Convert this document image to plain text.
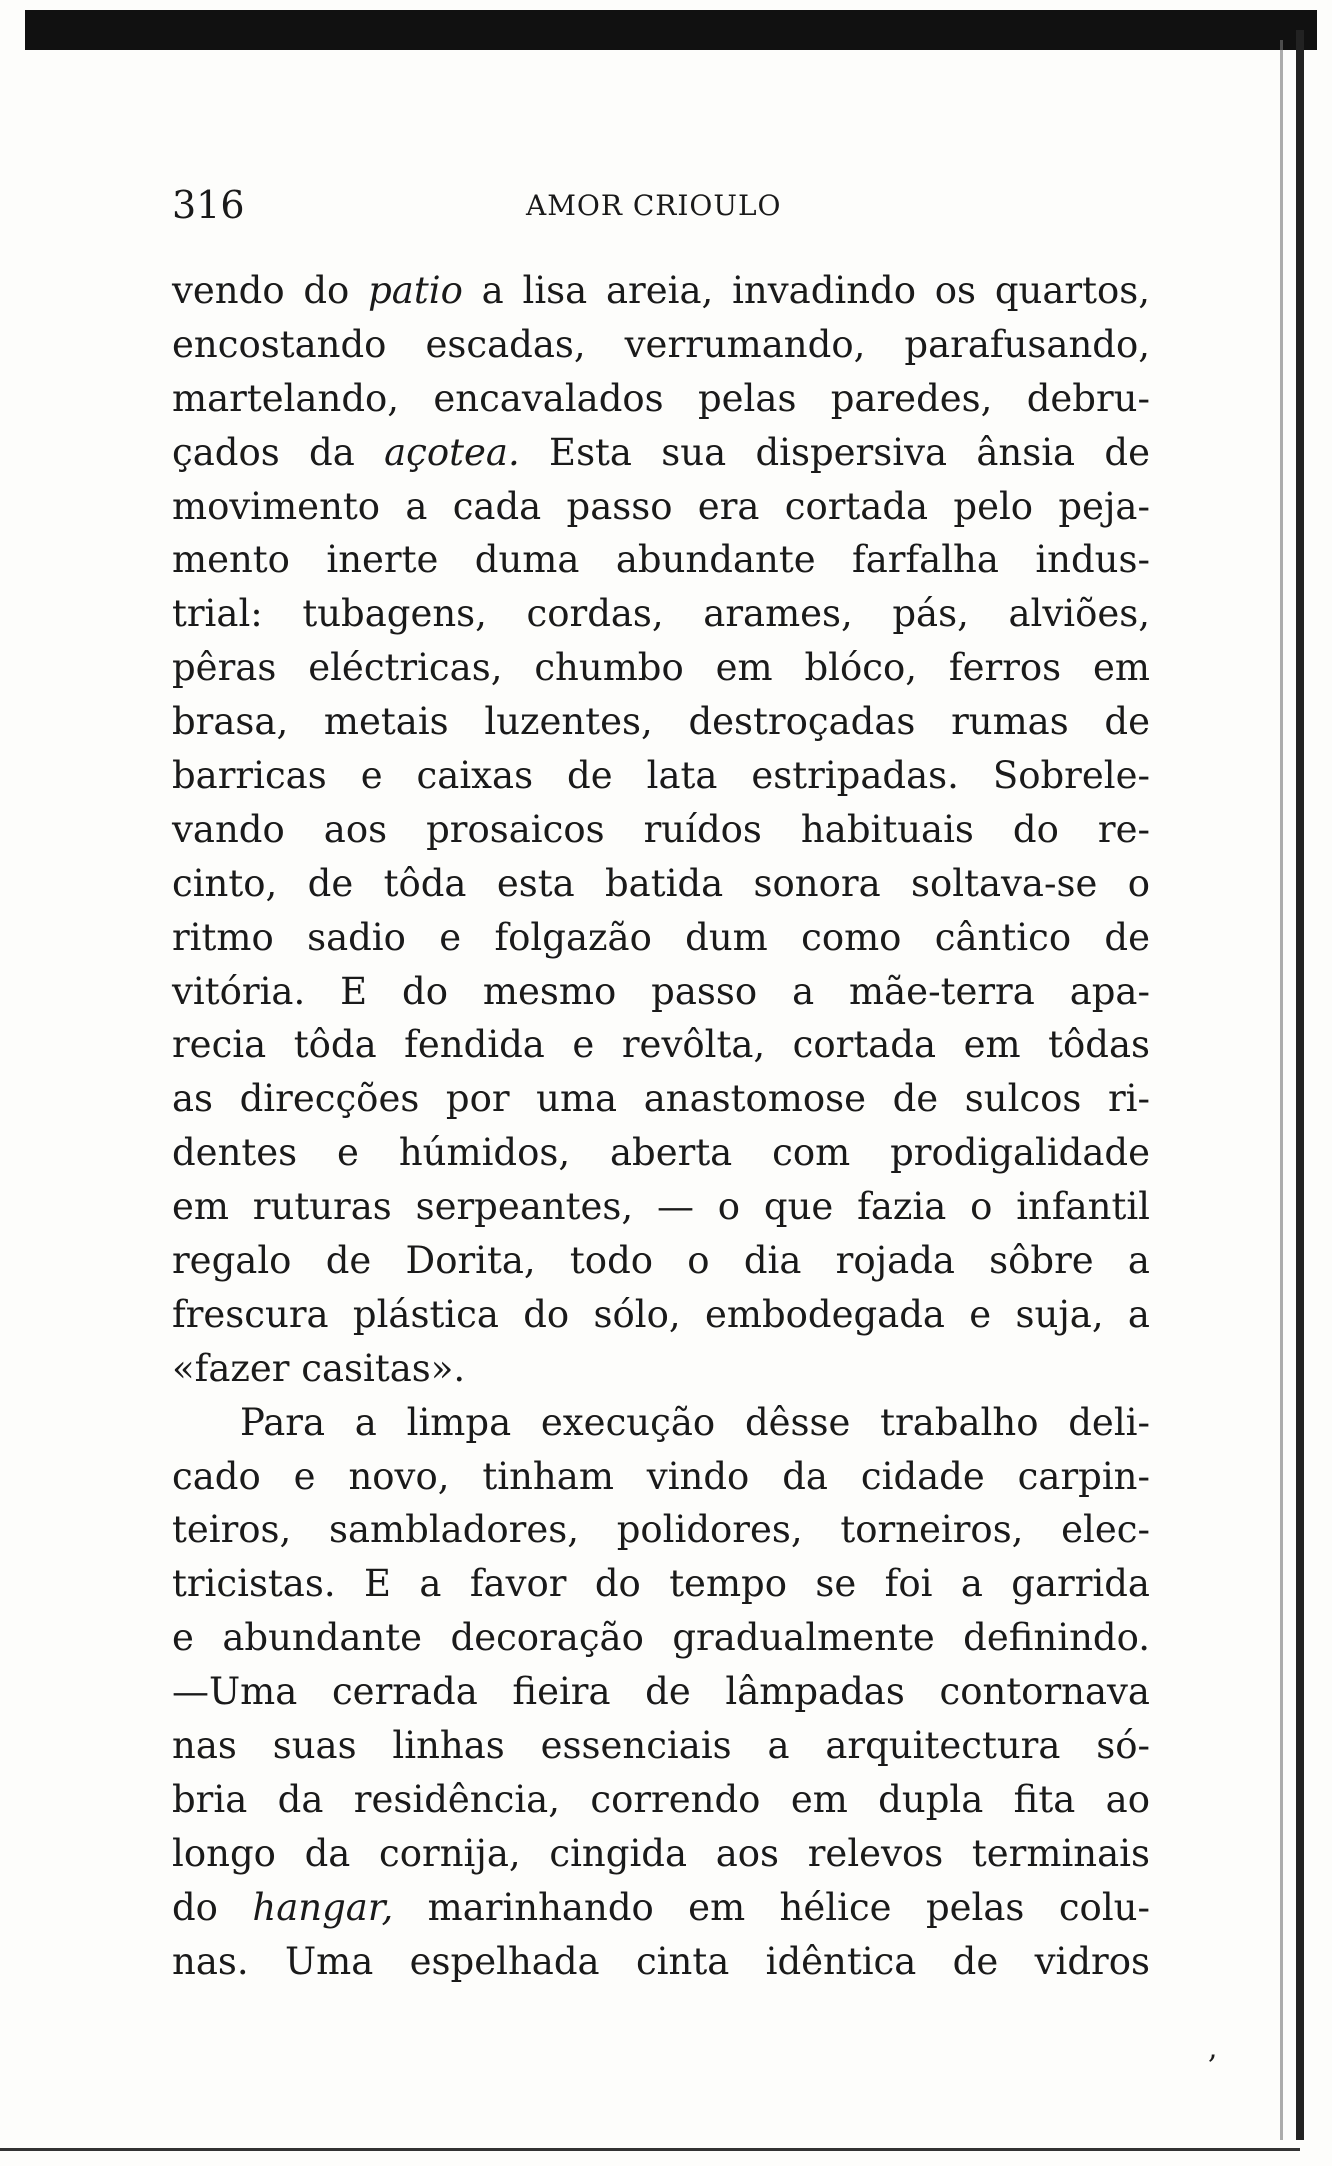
316	AMOR CRIOULO
vendo do patio a lisa areia, invadindo os quartos,
encostando escadas, verrumando, parafusando,
martelando, encavalados pelas paredes, debru-
çados da açotea. Esta sua dispersiva ânsia de
movimento a cada passo era cortada pelo peja-
mento inerte duma abundante farfalha indus-
trial: tubagens, cordas, arames, pás, alviões,
pêras eléctricas, chumbo em blóco, ferros em
brasa, metais luzentes, destroçadas rumas de
barricas e caixas de lata estripadas. Sobrele-
vando aos prosaicos ruídos habituais do re-
cinto, de tôda esta batida sonora soltava-se o
ritmo sadio e folgazão dum como cântico de
vitória. E do mesmo passo a mãe-terra apa-
recia tôda fendida e revôlta, cortada em tôdas
as direcções por uma anastomose de sulcos ri-
dentes e húmidos, aberta com prodigalidade
em ruturas serpeantes, — o que fazia o infantil
regalo de Dorita, todo o dia rojada sôbre a
frescura plástica do sólo, embodegada e suja, a
«fazer casitas».
Para a limpa execução dêsse trabalho deli-
cado e novo, tinham vindo da cidade carpin-
teiros, sambladores, polidores, torneiros, elec-
tricistas. E a favor do tempo se foi a garrida
e abundante decoração gradualmente definindo.
—Uma cerrada fieira de lâmpadas contornava
nas suas linhas essenciais a arquitectura só-
bria da residência, correndo em dupla fita ao
longo da cornija, cingida aos relevos terminais
do hangar, marinhando em hélice pelas colu-
nas. Uma espelhada cinta idêntica de vidros
,
